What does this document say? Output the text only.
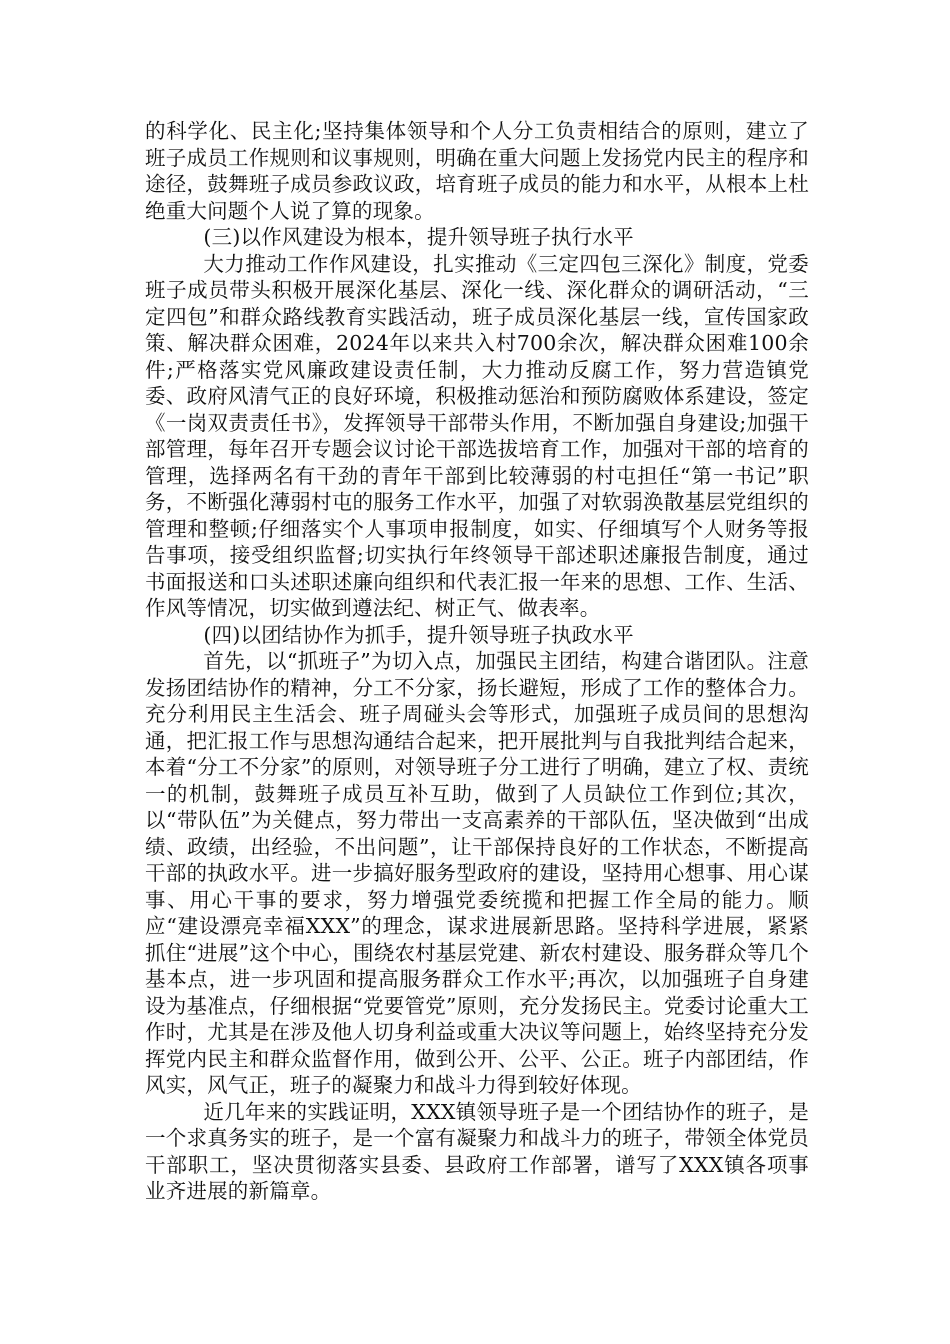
的科学化、民主化;坚持集体领导和个人分工负责相结合的原则，建立了班子成员工作规则和议事规则，明确在重大问题上发扬党内民主的程序和途径，鼓舞班子成员参政议政，培育班子成员的能力和水平，从根本上杜绝重大问题个人说了算的现象。

(三)以作风建设为根本，提升领导班子执行水平

大力推动工作作风建设，扎实推动《三定四包三深化》制度，党委班子成员带头积极开展深化基层、深化一线、深化群众的调研活动，“三定四包”和群众路线教育实践活动，班子成员深化基层一线，宣传国家政策、解决群众困难，2024年以来共入村700余次，解决群众困难100余件;严格落实党风廉政建设责任制，大力推动反腐工作，努力营造镇党委、政府风清气正的良好环境，积极推动惩治和预防腐败体系建设，签定《一岗双责责任书》，发挥领导干部带头作用，不断加强自身建设;加强干部管理，每年召开专题会议讨论干部选拔培育工作，加强对干部的培育的管理，选择两名有干劲的青年干部到比较薄弱的村屯担任“第一书记”职务，不断强化薄弱村屯的服务工作水平，加强了对软弱涣散基层党组织的管理和整顿;仔细落实个人事项申报制度，如实、仔细填写个人财务等报告事项，接受组织监督;切实执行年终领导干部述职述廉报告制度，通过书面报送和口头述职述廉向组织和代表汇报一年来的思想、工作、生活、作风等情况，切实做到遵法纪、树正气、做表率。

(四)以团结协作为抓手，提升领导班子执政水平

首先，以“抓班子”为切入点，加强民主团结，构建合谐团队。注意发扬团结协作的精神，分工不分家，扬长避短，形成了工作的整体合力。充分利用民主生活会、班子周碰头会等形式，加强班子成员间的思想沟通，把汇报工作与思想沟通结合起来，把开展批判与自我批判结合起来，本着“分工不分家”的原则，对领导班子分工进行了明确，建立了权、责统一的机制，鼓舞班子成员互补互助，做到了人员缺位工作到位;其次，以“带队伍”为关健点，努力带出一支高素养的干部队伍，坚决做到“出成绩、政绩，出经验，不出问题”，让干部保持良好的工作状态，不断提高干部的执政水平。进一步搞好服务型政府的建设，坚持用心想事、用心谋事、用心干事的要求，努力增强党委统揽和把握工作全局的能力。顺应“建设漂亮幸福XXX”的理念，谋求进展新思路。坚持科学进展，紧紧抓住“进展”这个中心，围绕农村基层党建、新农村建设、服务群众等几个基本点，进一步巩固和提高服务群众工作水平;再次，以加强班子自身建设为基准点，仔细根据“党要管党”原则，充分发扬民主。党委讨论重大工作时，尤其是在涉及他人切身利益或重大决议等问题上，始终坚持充分发挥党内民主和群众监督作用，做到公开、公平、公正。班子内部团结，作风实，风气正，班子的凝聚力和战斗力得到较好体现。

近几年来的实践证明，XXX镇领导班子是一个团结协作的班子，是一个求真务实的班子，是一个富有凝聚力和战斗力的班子，带领全体党员干部职工，坚决贯彻落实县委、县政府工作部署，谱写了XXX镇各项事业齐进展的新篇章。
